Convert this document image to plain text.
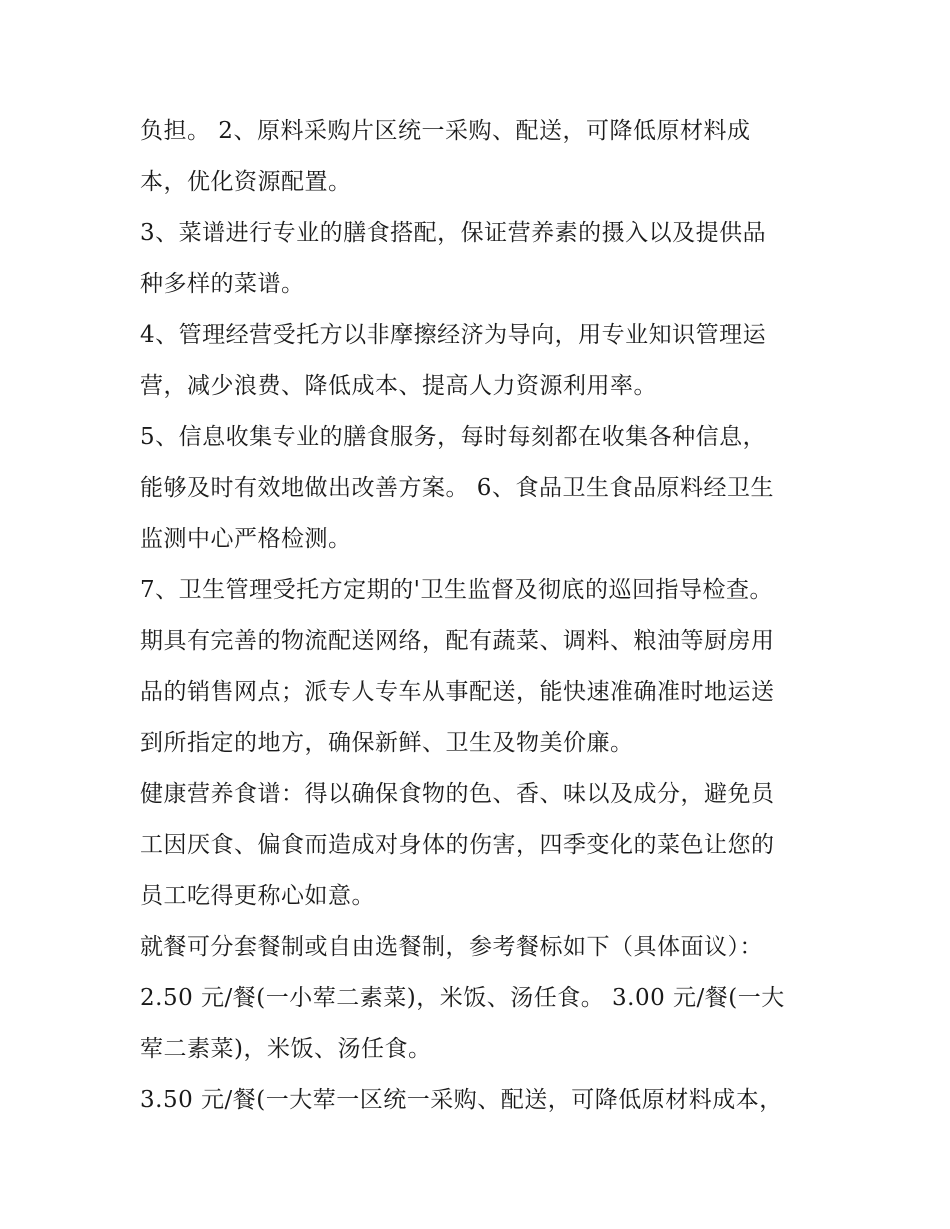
负担。 2、原料采购片区统一采购、配送，可降低原材料成
本，优化资源配置。
3、菜谱进行专业的膳食搭配，保证营养素的摄入以及提供品
种多样的菜谱。
4、管理经营受托方以非摩擦经济为导向，用专业知识管理运
营，减少浪费、降低成本、提高人力资源利用率。
5、信息收集专业的膳食服务，每时每刻都在收集各种信息，
能够及时有效地做出改善方案。 6、食品卫生食品原料经卫生
监测中心严格检测。
7、卫生管理受托方定期的'卫生监督及彻底的巡回指导检查。
期具有完善的物流配送网络，配有蔬菜、调料、粮油等厨房用
品的销售网点；派专人专车从事配送，能快速准确准时地运送
到所指定的地方，确保新鲜、卫生及物美价廉。
健康营养食谱：得以确保食物的色、香、味以及成分，避免员
工因厌食、偏食而造成对身体的伤害，四季变化的菜色让您的
员工吃得更称心如意。
就餐可分套餐制或自由选餐制，参考餐标如下（具体面议）：
2.50 元/餐(一小荤二素菜)，米饭、汤任食。 3.00 元/餐(一大
荤二素菜)，米饭、汤任食。
3.50 元/餐(一大荤一区统一采购、配送，可降低原材料成本，
